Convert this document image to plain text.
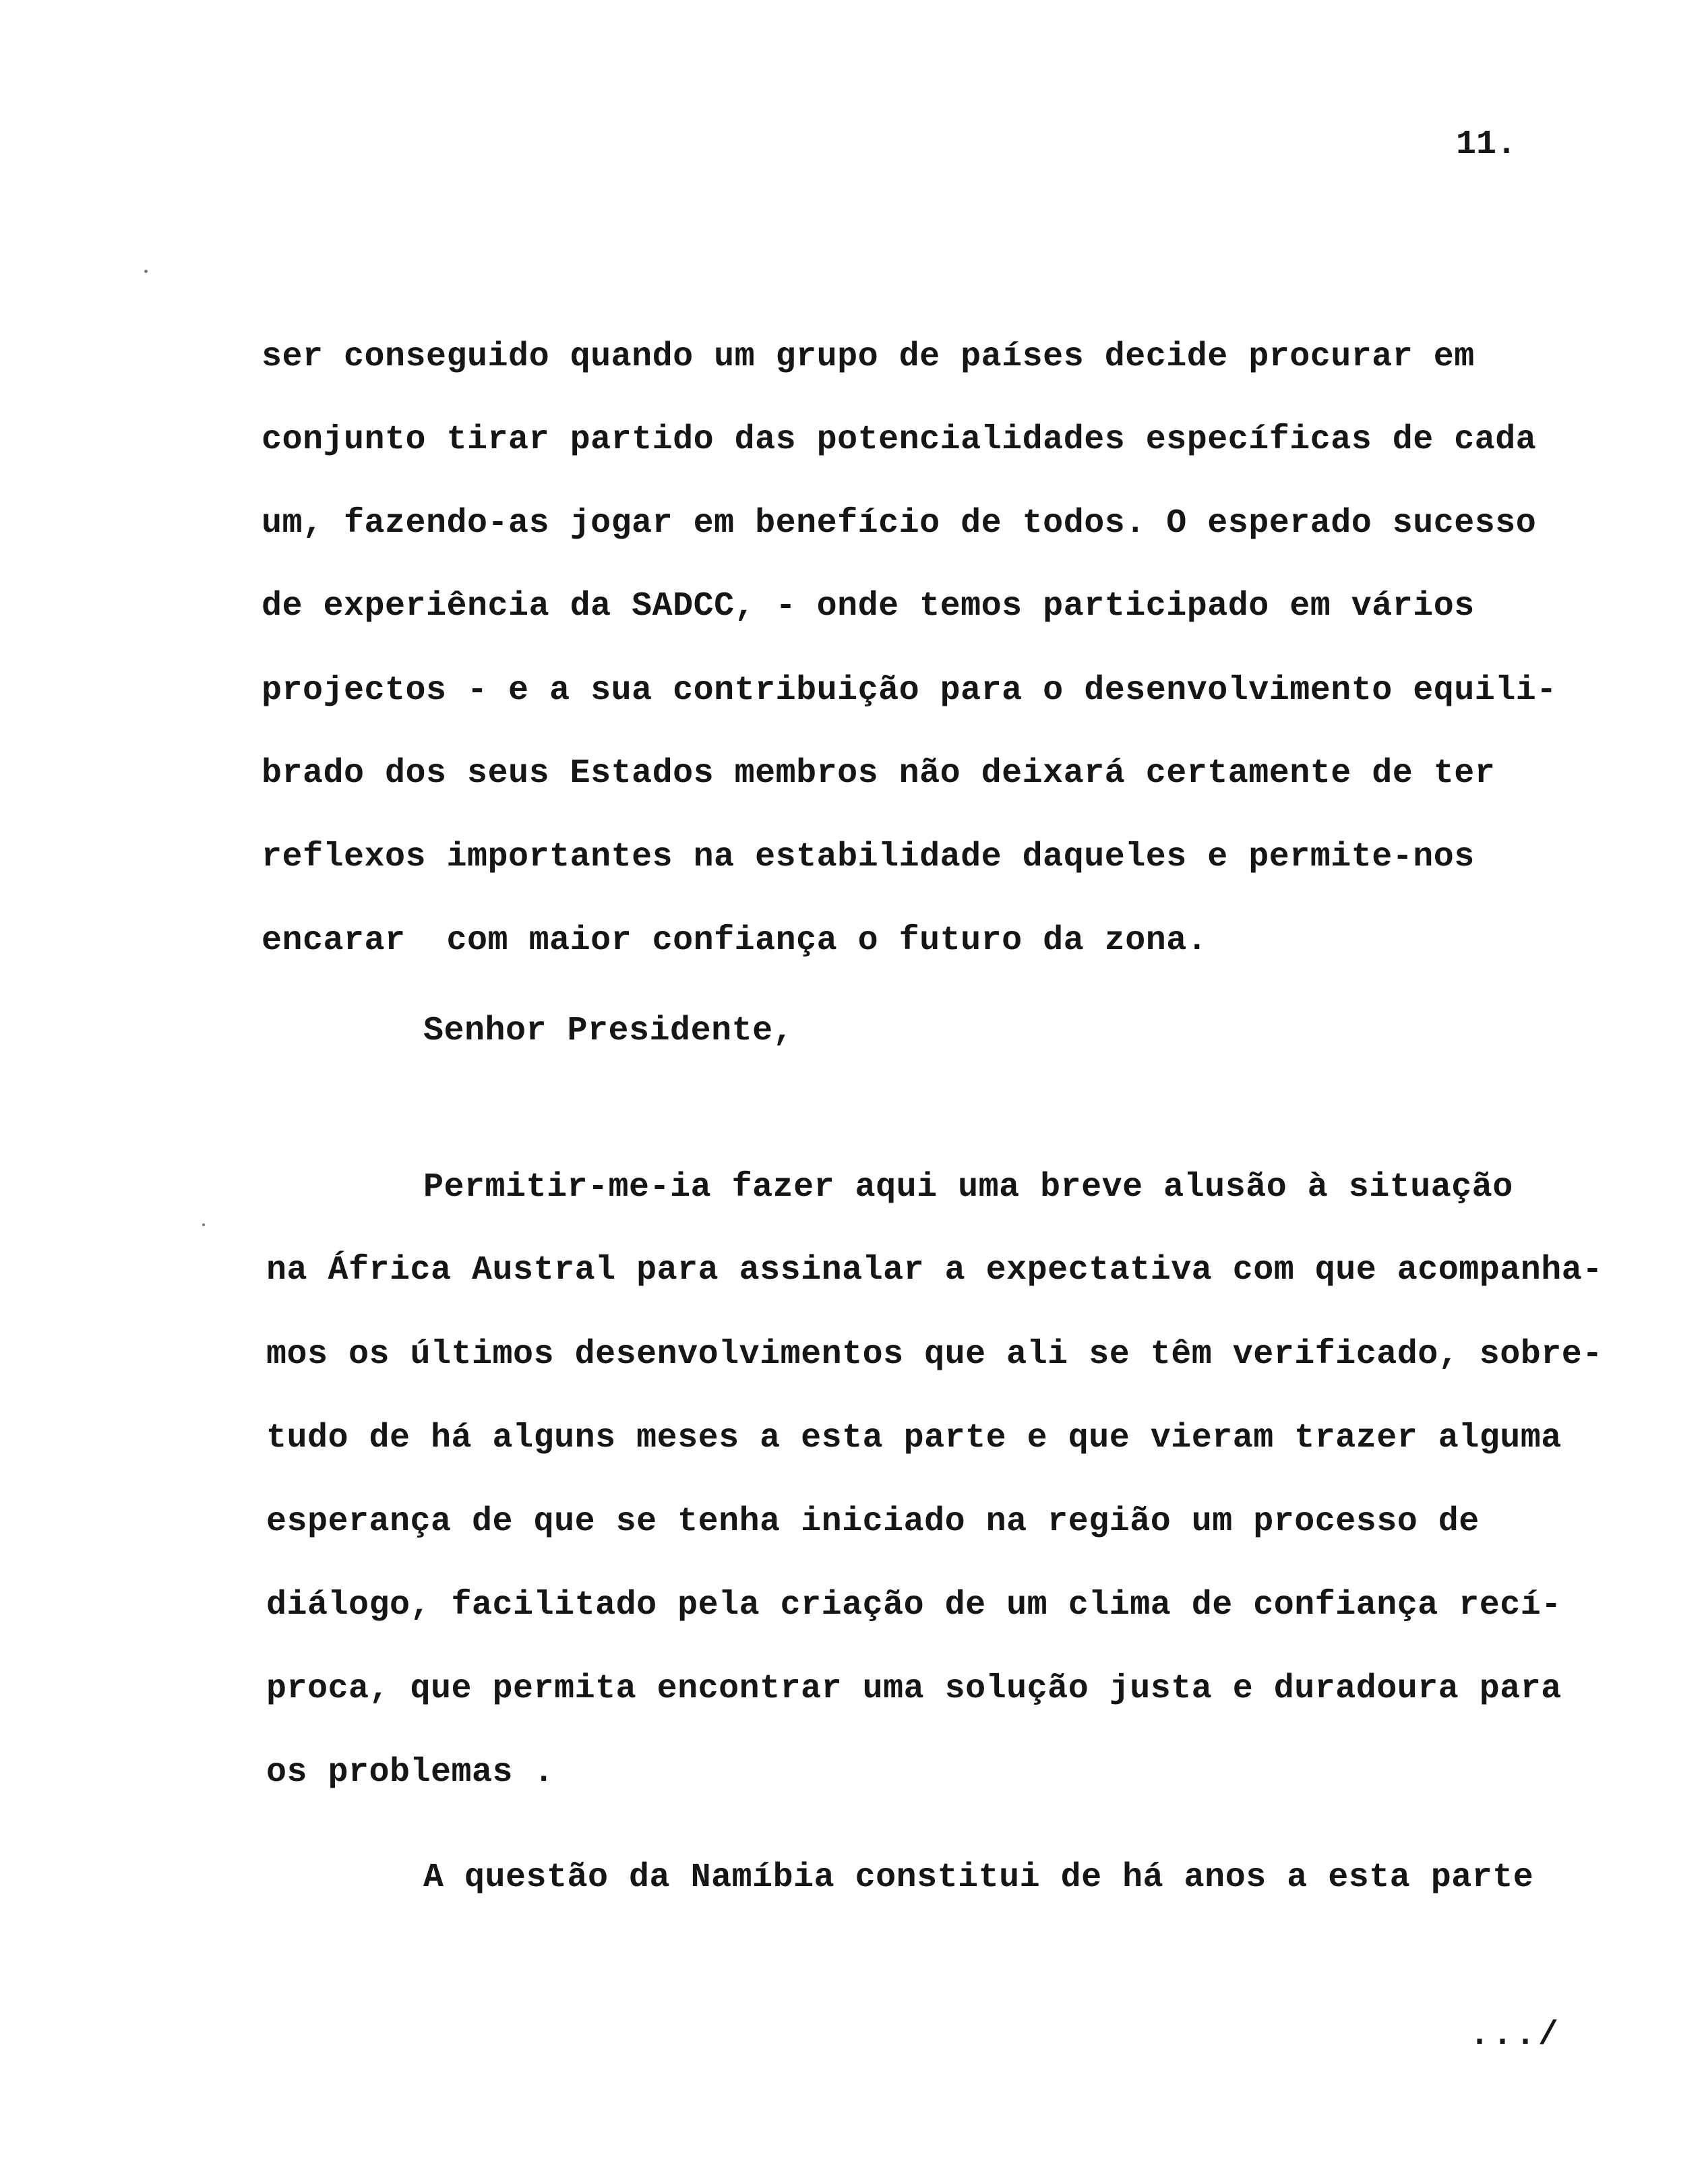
11.
ser conseguido quando um grupo de países decide procurar em
conjunto tirar partido das potencialidades específicas de cada
um, fazendo-as jogar em benefício de todos. O esperado sucesso
de experiência da SADCC, - onde temos participado em vários
projectos - e a sua contribuição para o desenvolvimento equili-
brado dos seus Estados membros não deixará certamente de ter
reflexos importantes na estabilidade daqueles e permite-nos
encarar  com maior confiança o futuro da zona.
Senhor Presidente,
Permitir-me-ia fazer aqui uma breve alusão à situação
na África Austral para assinalar a expectativa com que acompanha-
mos os últimos desenvolvimentos que ali se têm verificado, sobre-
tudo de há alguns meses a esta parte e que vieram trazer alguma
esperança de que se tenha iniciado na região um processo de
diálogo, facilitado pela criação de um clima de confiança recí-
proca, que permita encontrar uma solução justa e duradoura para
os problemas .
A questão da Namíbia constitui de há anos a esta parte
.../
